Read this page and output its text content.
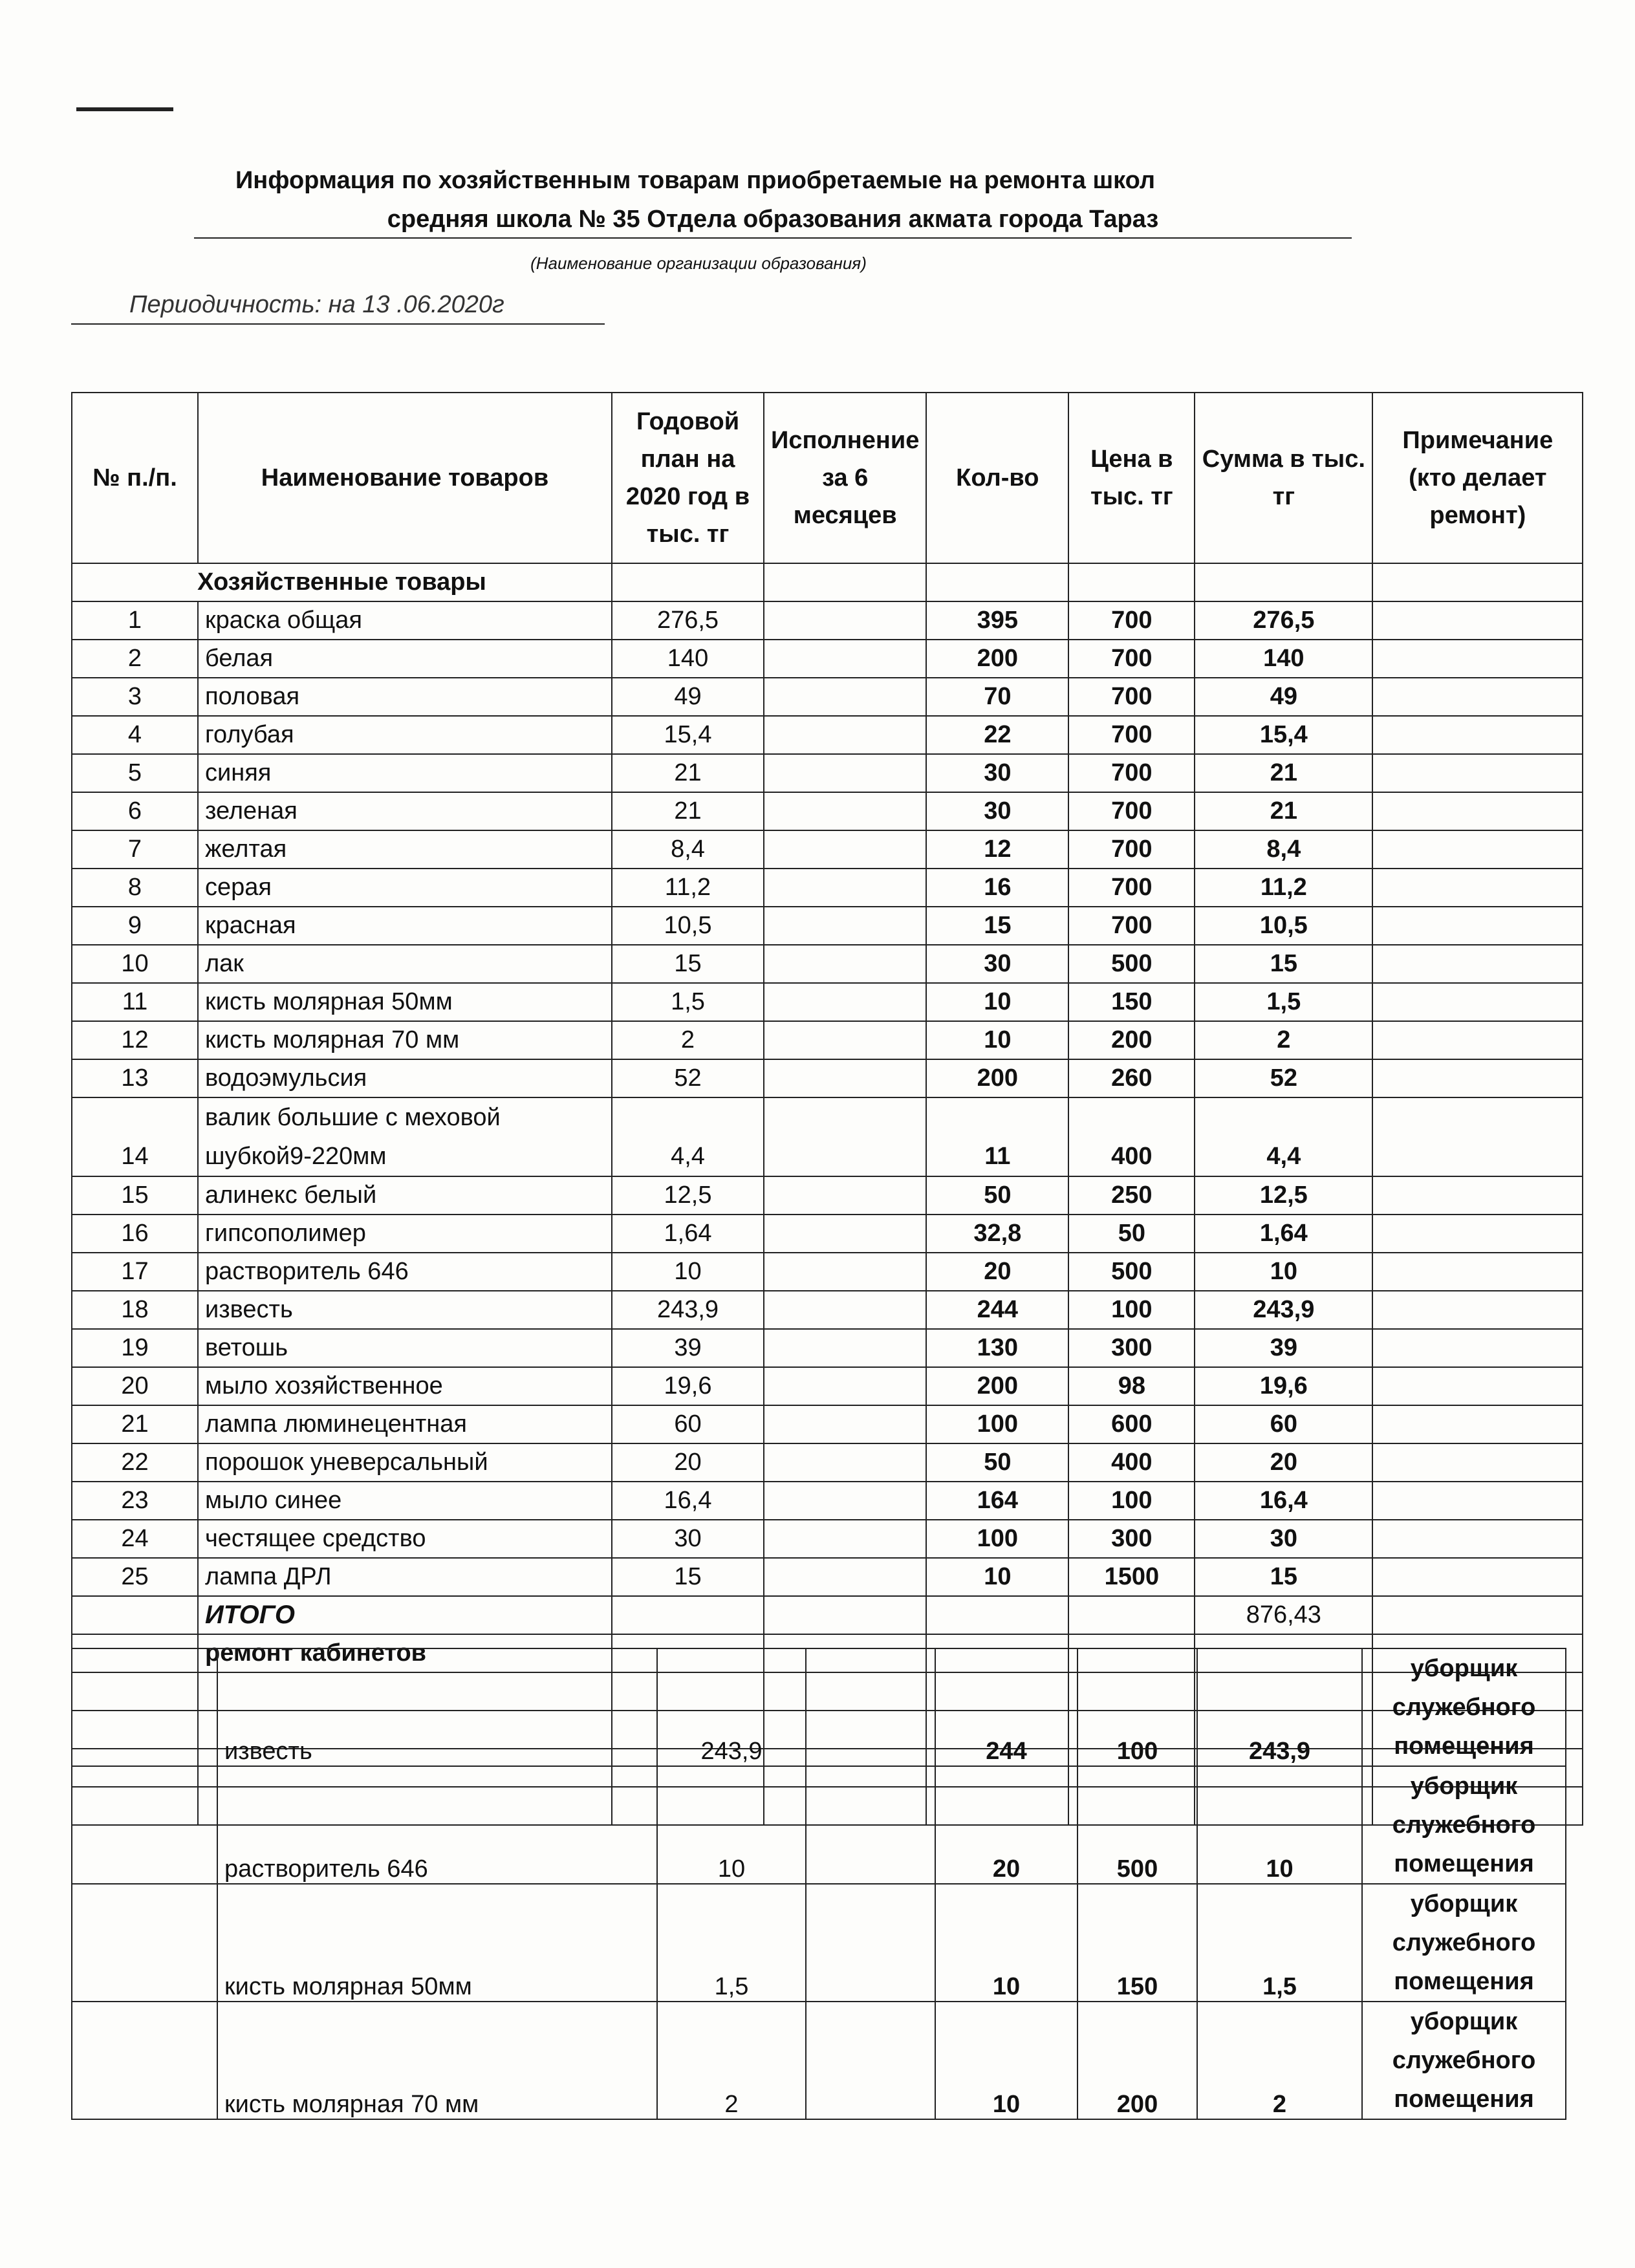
Информация по хозяйственным товарам приобретаемые на ремонта школ
средняя школа № 35 Отдела образования акмата города Тараз
(Наименование организации образования)
Периодичность: на 13 .06.2020г
№ п./п.	Наименование товаров	Годовой план на 2020 год в тыс. тг	Исполнение за 6 месяцев	Кол-во	Цена в тыс. тг	Сумма в тыс. тг	Примечание (кто делает ремонт)
Хозяйственные товары							
1	краска общая	276,5		395	700	276,5	
2	белая	140		200	700	140	
3	половая	49		70	700	49	
4	голубая	15,4		22	700	15,4	
5	синяя	21		30	700	21	
6	зеленая	21		30	700	21	
7	желтая	8,4		12	700	8,4	
8	серая	11,2		16	700	11,2	
9	красная	10,5		15	700	10,5	
10	лак	15		30	500	15	
11	кисть молярная 50мм	1,5		10	150	1,5	
12	кисть молярная 70 мм	2		10	200	2	
13	водоэмульсия	52		200	260	52	
14	валик большие с меховой шубкой9-220мм	4,4		11	400	4,4	
15	алинекс белый	12,5		50	250	12,5	
16	гипсополимер	1,64		32,8	50	1,64	
17	растворитель 646	10		20	500	10	
18	известь	243,9		244	100	243,9	
19	ветошь	39		130	300	39	
20	мыло хозяйственное	19,6		200	98	19,6	
21	лампа люминецентная	60		100	600	60	
22	порошок уневерсальный	20		50	400	20	
23	мыло синее	16,4		164	100	16,4	
24	честящее средство	30		100	300	30	
25	лампа ДРЛ	15		10	1500	15	
	ИТОГО					876,43	
	ремонт кабинетов						

	известь	243,9		244	100	243,9	уборщик служебного помещения
	растворитель 646	10		20	500	10	уборщик служебного помещения
	кисть молярная 50мм	1,5		10	150	1,5	уборщик служебного помещения
	кисть молярная 70 мм	2		10	200	2	уборщик служебного помещения
